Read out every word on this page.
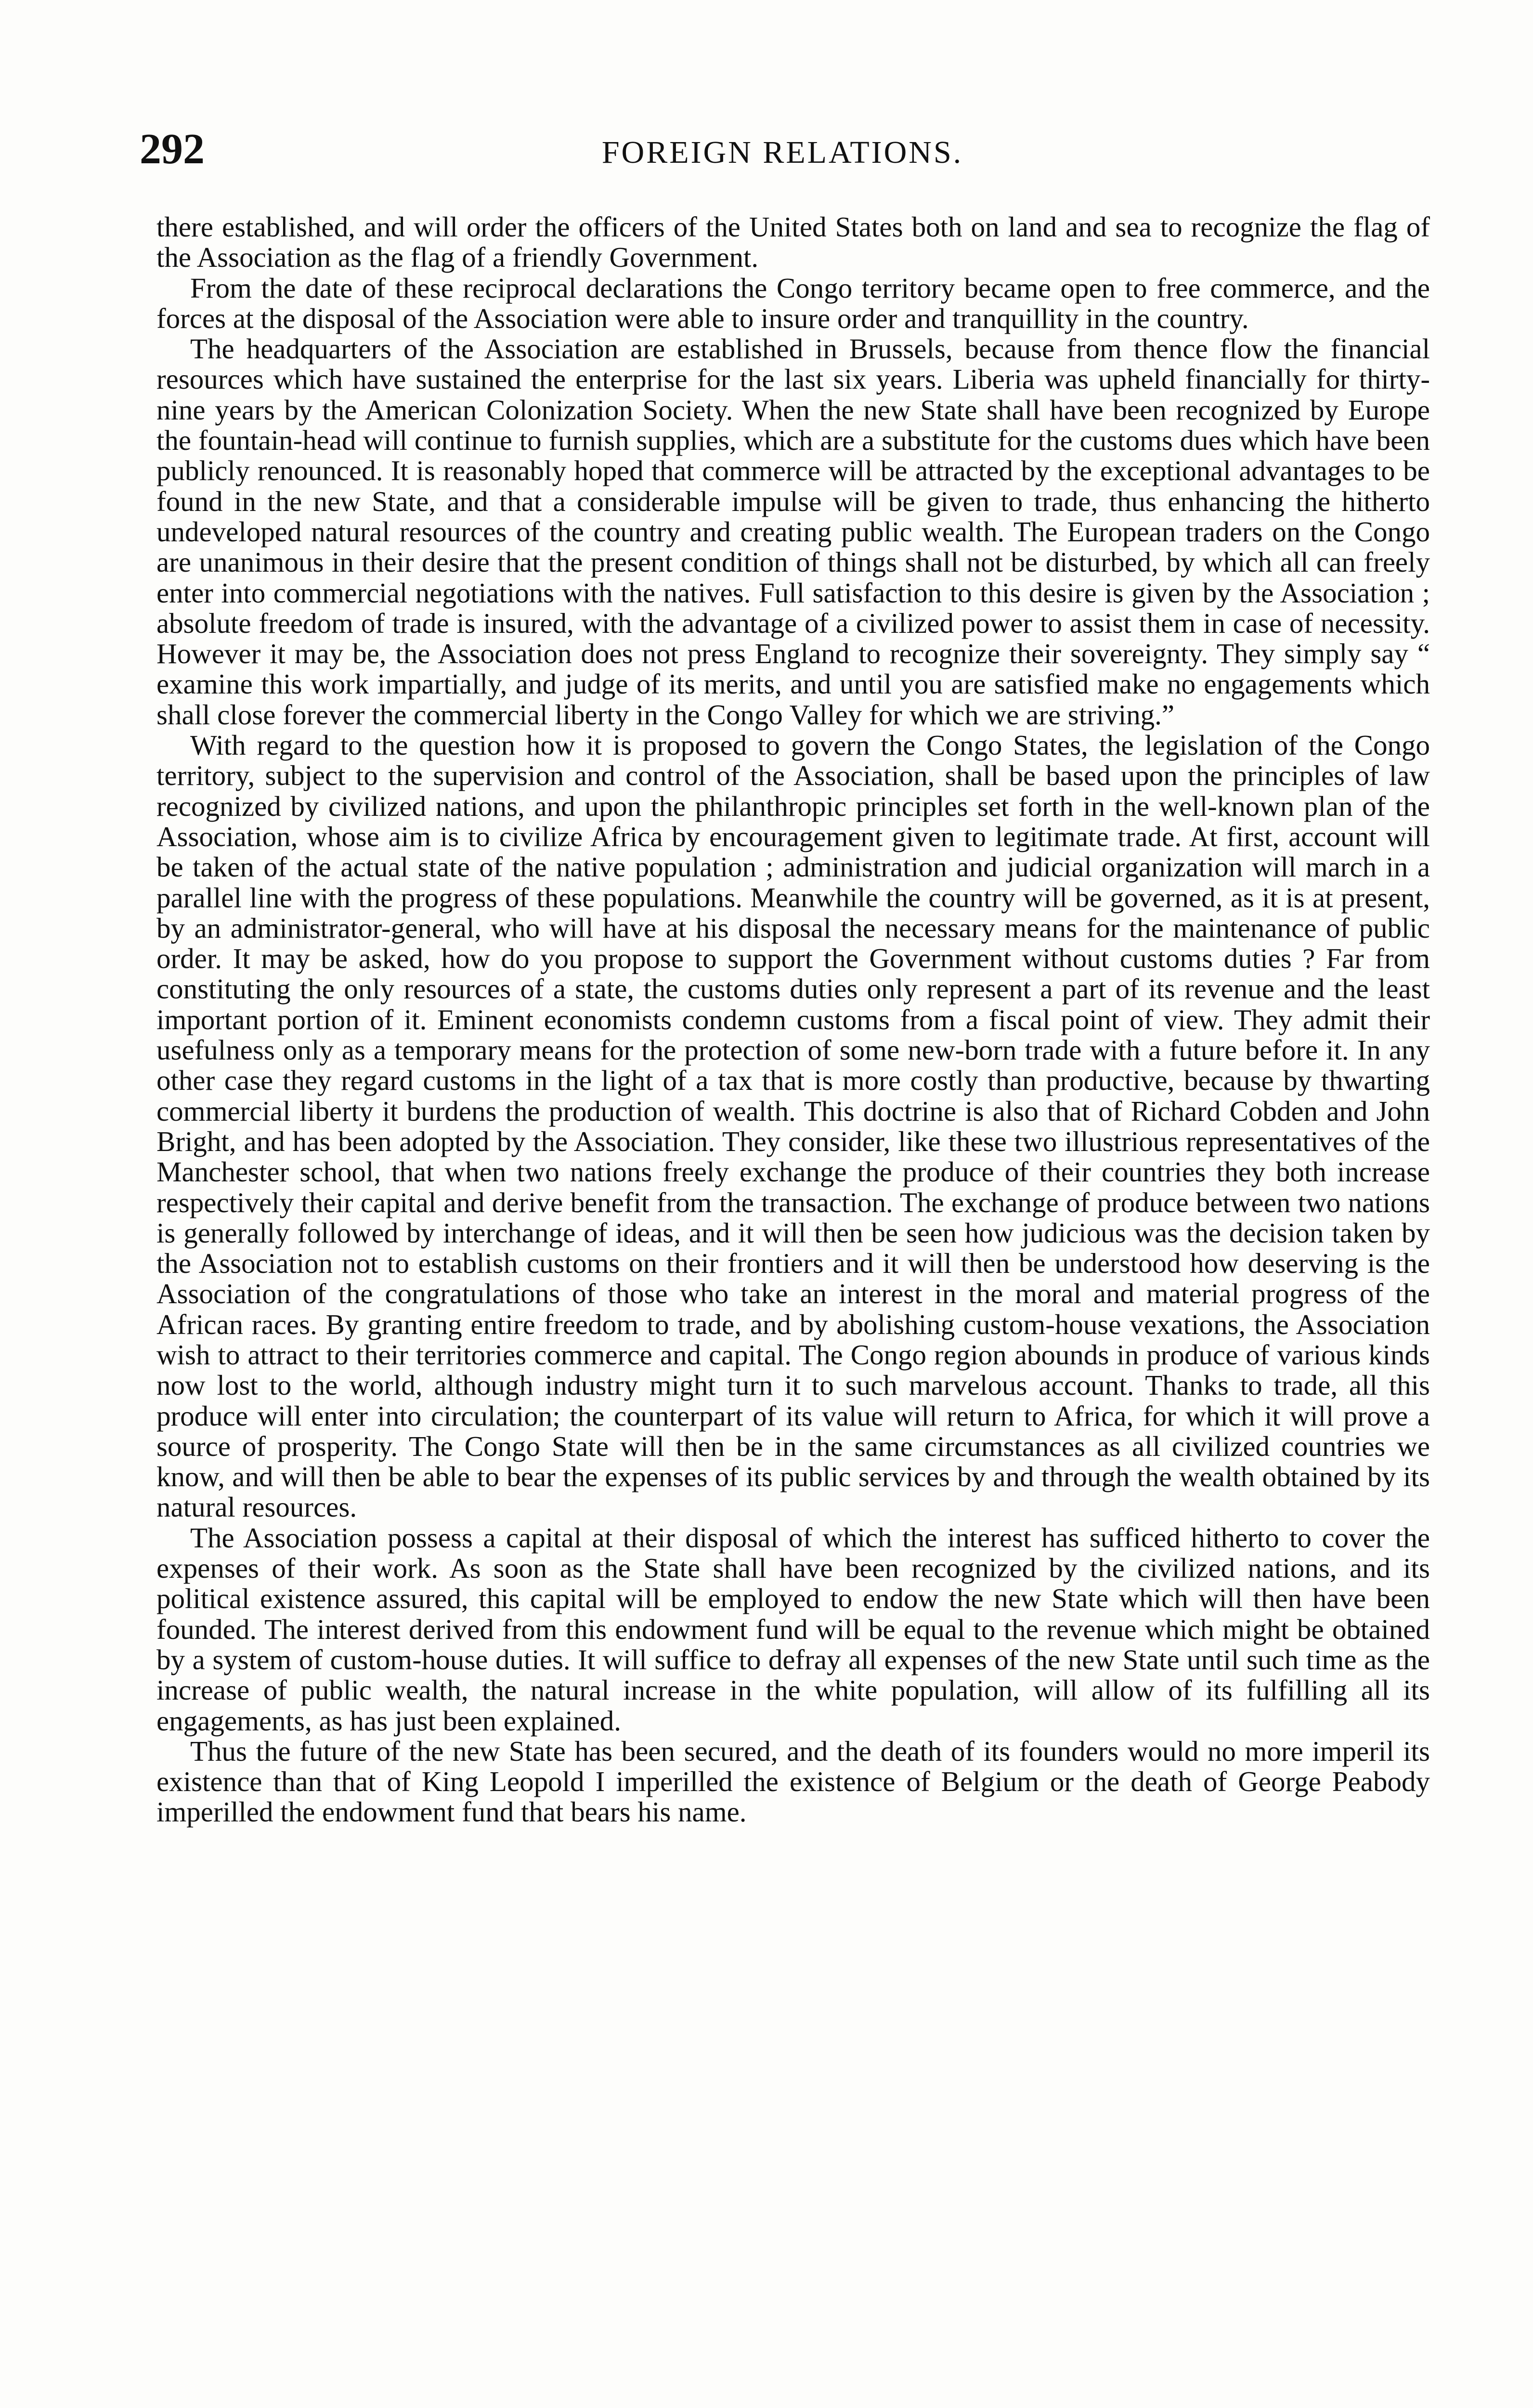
292	FOREIGN RELATIONS.

there established, and will order the officers of the United States both on land and sea to recognize the flag of the Association as the flag of a friendly Government.

From the date of these reciprocal declarations the Congo territory became open to free commerce, and the forces at the disposal of the Association were able to insure order and tranquillity in the country.

The headquarters of the Association are established in Brussels, because from thence flow the financial resources which have sustained the enterprise for the last six years. Liberia was upheld financially for thirty-nine years by the American Colonization Society. When the new State shall have been recognized by Europe the fountain-head will continue to furnish supplies, which are a substitute for the customs dues which have been publicly renounced. It is reasonably hoped that commerce will be attracted by the exceptional advantages to be found in the new State, and that a considerable impulse will be given to trade, thus enhancing the hitherto undeveloped natural resources of the country and creating public wealth. The European traders on the Congo are unanimous in their desire that the present condition of things shall not be disturbed, by which all can freely enter into commercial negotiations with the natives. Full satisfaction to this desire is given by the Association ; absolute freedom of trade is insured, with the advantage of a civilized power to assist them in case of necessity. However it may be, the Association does not press England to recognize their sovereignty. They simply say “ examine this work impartially, and judge of its merits, and until you are satisfied make no engagements which shall close forever the commercial liberty in the Congo Valley for which we are striving.”

With regard to the question how it is proposed to govern the Congo States, the legislation of the Congo territory, subject to the supervision and control of the Association, shall be based upon the principles of law recognized by civilized nations, and upon the philanthropic principles set forth in the well-known plan of the Association, whose aim is to civilize Africa by encouragement given to legitimate trade. At first, account will be taken of the actual state of the native population ; administration and judicial organization will march in a parallel line with the progress of these populations. Meanwhile the country will be governed, as it is at present, by an administrator-general, who will have at his disposal the necessary means for the maintenance of public order. It may be asked, how do you propose to support the Government without customs duties ? Far from constituting the only resources of a state, the customs duties only represent a part of its revenue and the least important portion of it. Eminent economists condemn customs from a fiscal point of view. They admit their usefulness only as a temporary means for the protection of some new-born trade with a future before it. In any other case they regard customs in the light of a tax that is more costly than productive, because by thwarting commercial liberty it burdens the production of wealth. This doctrine is also that of Richard Cobden and John Bright, and has been adopted by the Association. They consider, like these two illustrious representatives of the Manchester school, that when two nations freely exchange the produce of their countries they both increase respectively their capital and derive benefit from the transaction. The exchange of produce between two nations is generally followed by interchange of ideas, and it will then be seen how judicious was the decision taken by the Association not to establish customs on their frontiers and it will then be understood how deserving is the Association of the congratulations of those who take an interest in the moral and material progress of the African races. By granting entire freedom to trade, and by abolishing custom-house vexations, the Association wish to attract to their territories commerce and capital. The Congo region abounds in produce of various kinds now lost to the world, although industry might turn it to such marvelous account. Thanks to trade, all this produce will enter into circulation; the counterpart of its value will return to Africa, for which it will prove a source of prosperity. The Congo State will then be in the same circumstances as all civilized countries we know, and will then be able to bear the expenses of its public services by and through the wealth obtained by its natural resources.

The Association possess a capital at their disposal of which the interest has sufficed hitherto to cover the expenses of their work. As soon as the State shall have been recognized by the civilized nations, and its political existence assured, this capital will be employed to endow the new State which will then have been founded. The interest derived from this endowment fund will be equal to the revenue which might be obtained by a system of custom-house duties. It will suffice to defray all expenses of the new State until such time as the increase of public wealth, the natural increase in the white population, will allow of its fulfilling all its engagements, as has just been explained.

Thus the future of the new State has been secured, and the death of its founders would no more imperil its existence than that of King Leopold I imperilled the existence of Belgium or the death of George Peabody imperilled the endowment fund that bears his name.
